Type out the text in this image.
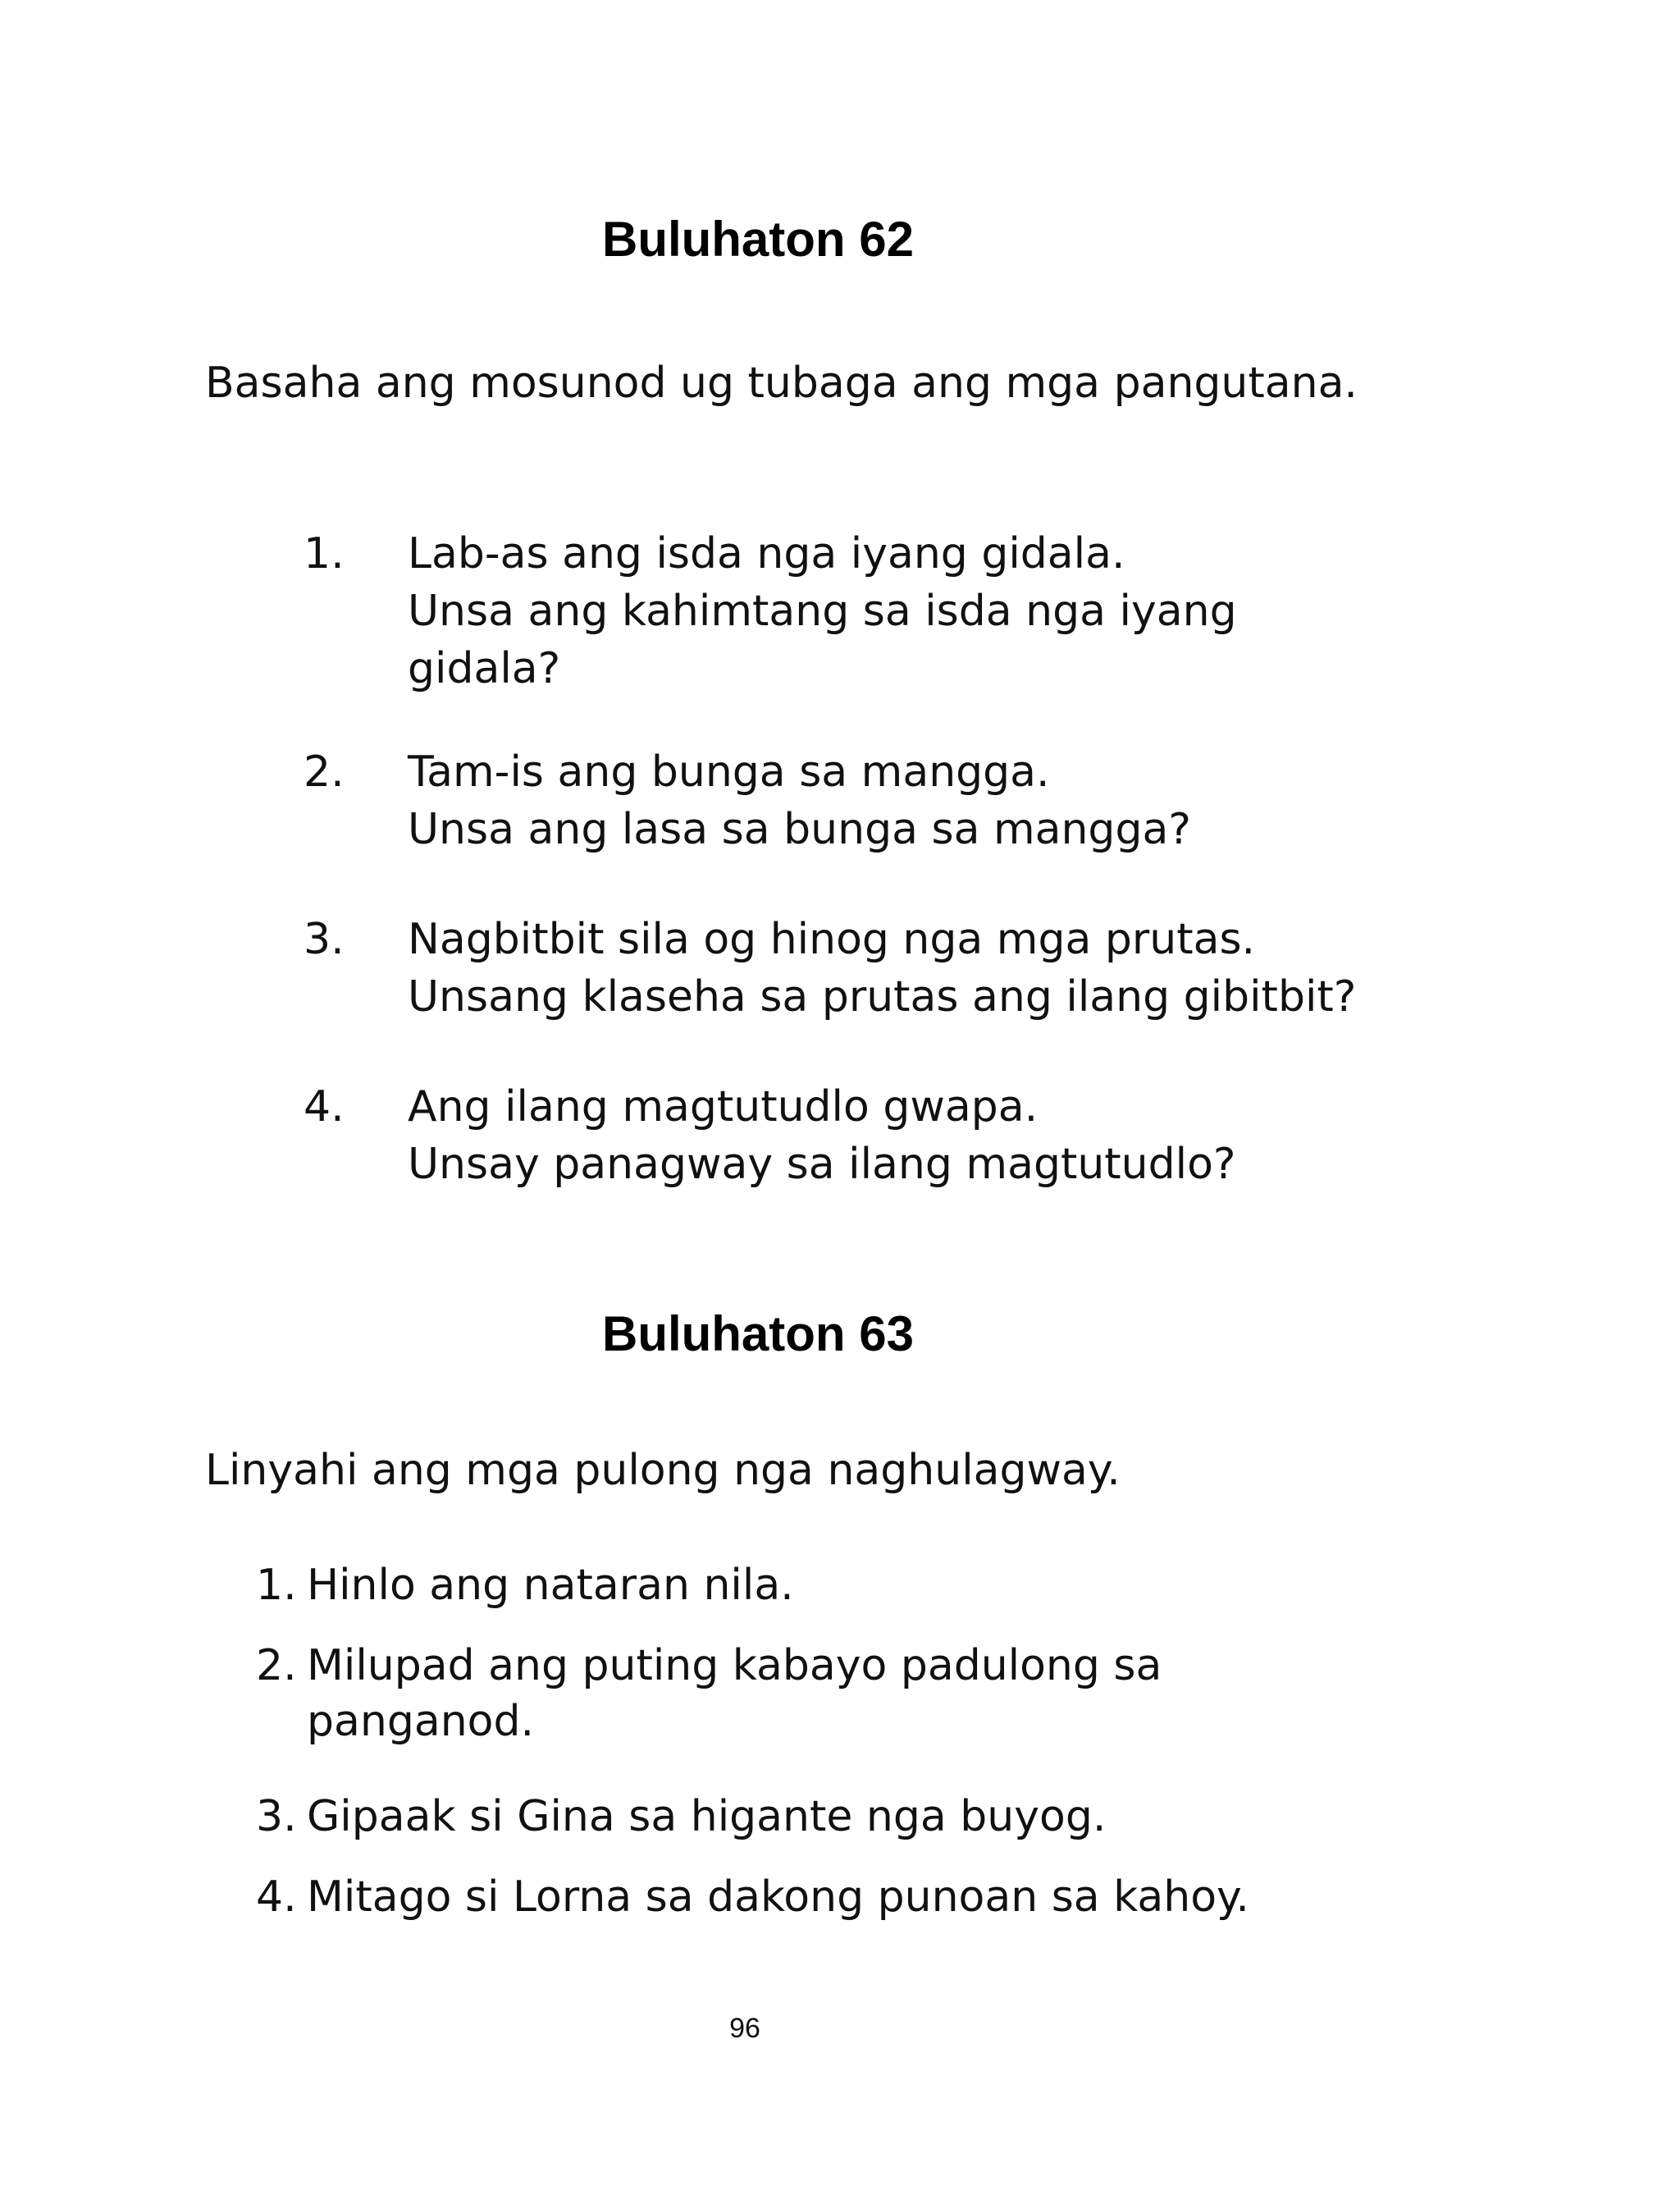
Buluhaton 62

Basaha ang mosunod ug tubaga ang mga pangutana.

1. Lab-as ang isda nga iyang gidala.
Unsa ang kahimtang sa isda nga iyang
gidala?
2. Tam-is ang bunga sa mangga.
Unsa ang lasa sa bunga sa mangga?
3. Nagbitbit sila og hinog nga mga prutas.
Unsang klaseha sa prutas ang ilang gibitbit?
4. Ang ilang magtutudlo gwapa.
Unsay panagway sa ilang magtutudlo?
Buluhaton 63

Linyahi ang mga pulong nga naghulagway.

1. Hinlo ang nataran nila.
2. Milupad ang puting kabayo padulong sa
panganod.
3. Gipaak si Gina sa higante nga buyog.
4. Mitago si Lorna sa dakong punoan sa kahoy.
96
